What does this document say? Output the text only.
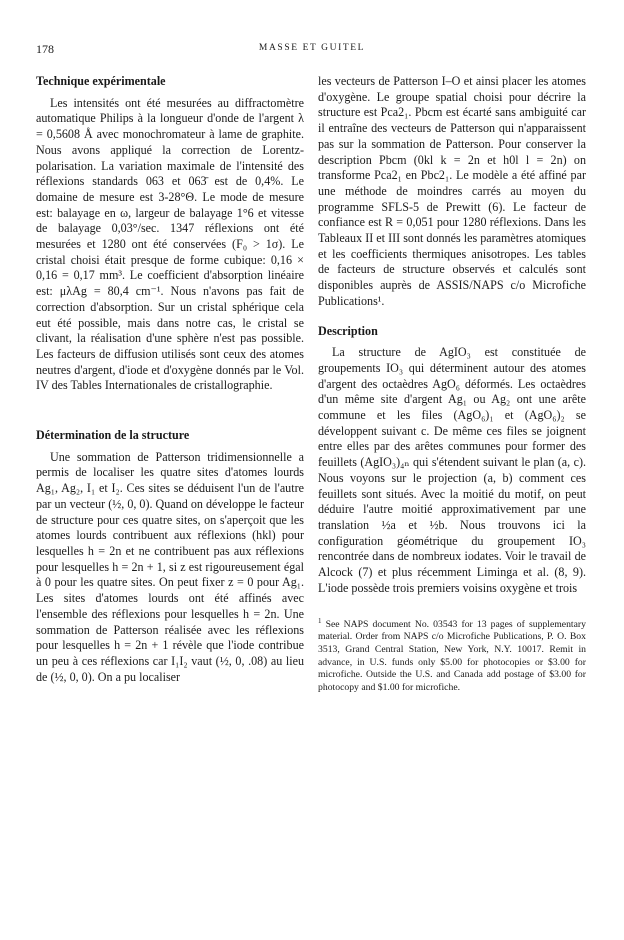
178	MASSE ET GUITEL
Technique expérimentale

Les intensités ont été mesurées au diffractomètre automatique Philips à la longueur d'onde de l'argent λ = 0,5608 Å avec monochromateur à lame de graphite. Nous avons appliqué la correction de Lorentz-polarisation. La variation maximale de l'intensité des réflexions standards 063 et 063̄ est de 0,4%. Le domaine de mesure est 3-28°Θ. Le mode de mesure est: balayage en ω, largeur de balayage 1°6 et vitesse de balayage 0,03°/sec. 1347 réflexions ont été mesurées et 1280 ont été conservées (F₀ > 1σ). Le cristal choisi était presque de forme cubique: 0,16 × 0,16 = 0,17 mm³. Le coefficient d'absorption linéaire est: μλAg = 80,4 cm⁻¹. Nous n'avons pas fait de correction d'absorption. Sur un cristal sphérique cela eut été possible, mais dans notre cas, le cristal se clivant, la réalisation d'une sphère n'est pas possible. Les facteurs de diffusion utilisés sont ceux des atomes neutres d'argent, d'iode et d'oxygène donnés par le Vol. IV des Tables Internationales de cristallographie.

Détermination de la structure

Une sommation de Patterson tridimensionnelle a permis de localiser les quatre sites d'atomes lourds Ag₁, Ag₂, I₁ et I₂. Ces sites se déduisent l'un de l'autre par un vecteur (½, 0, 0). Quand on développe le facteur de structure pour ces quatre sites, on s'aperçoit que les atomes lourds contribuent aux réflexions (hkl) pour lesquelles h = 2n et ne contribuent pas aux réflexions pour lesquelles h = 2n + 1, si z est rigoureusement égal à 0 pour les quatre sites. On peut fixer z = 0 pour Ag₁. Les sites d'atomes lourds ont été affinés avec l'ensemble des réflexions pour lesquelles h = 2n. Une sommation de Patterson réalisée avec les réflexions pour lesquelles h = 2n + 1 révèle que l'iode contribue un peu à ces réflexions car I₁I₂ vaut (½, 0, .08) au lieu de (½, 0, 0). On a pu localiser

les vecteurs de Patterson I–O et ainsi placer les atomes d'oxygène. Le groupe spatial choisi pour décrire la structure est Pca2₁. Pbcm est écarté sans ambiguité car il entraîne des vecteurs de Patterson qui n'apparaissent pas sur la sommation de Patterson. Pour conserver la description Pbcm (0kl k = 2n et h0l l = 2n) on transforme Pca2₁ en Pbc2₁. Le modèle a été affiné par une méthode de moindres carrés au moyen du programme SFLS-5 de Prewitt (6). Le facteur de confiance est R = 0,051 pour 1280 réflexions. Dans les Tableaux II et III sont donnés les paramètres atomiques et les coefficients thermiques anisotropes. Les tables de facteurs de structure observés et calculés sont disponibles auprès de ASSIS/NAPS c/o Microfiche Publications¹.

Description

La structure de AgIO₃ est constituée de groupements IO₃ qui déterminent autour des atomes d'argent des octaèdres AgO₆ déformés. Les octaèdres d'un même site d'argent Ag₁ ou Ag₂ ont une arête commune et les files (AgO₆)₁ et (AgO₆)₂ se développent suivant c. De même ces files se joignent entre elles par des arêtes communes pour former des feuillets (AgIO₃)₄ₙ qui s'étendent suivant le plan (a, c). Nous voyons sur le projection (a, b) comment ces feuillets sont situés. Avec la moitié du motif, on peut déduire l'autre moitié approximativement par une translation ½a et ½b. Nous trouvons ici la configuration géométrique du groupement IO₃ rencontrée dans de nombreux iodates. Voir le travail de Alcock (7) et plus récemment Liminga et al. (8, 9). L'iode possède trois premiers voisins oxygène et trois

$^1$ See NAPS document No. 03543 for 13 pages of supplementary material. Order from NAPS c/o Microfiche Publications, P. O. Box 3513, Grand Central Station, New York, N.Y. 10017. Remit in advance, in U.S. funds only $5.00 for photocopies or $3.00 for microfiche. Outside the U.S. and Canada add postage of $3.00 for photocopy and $1.00 for microfiche.
